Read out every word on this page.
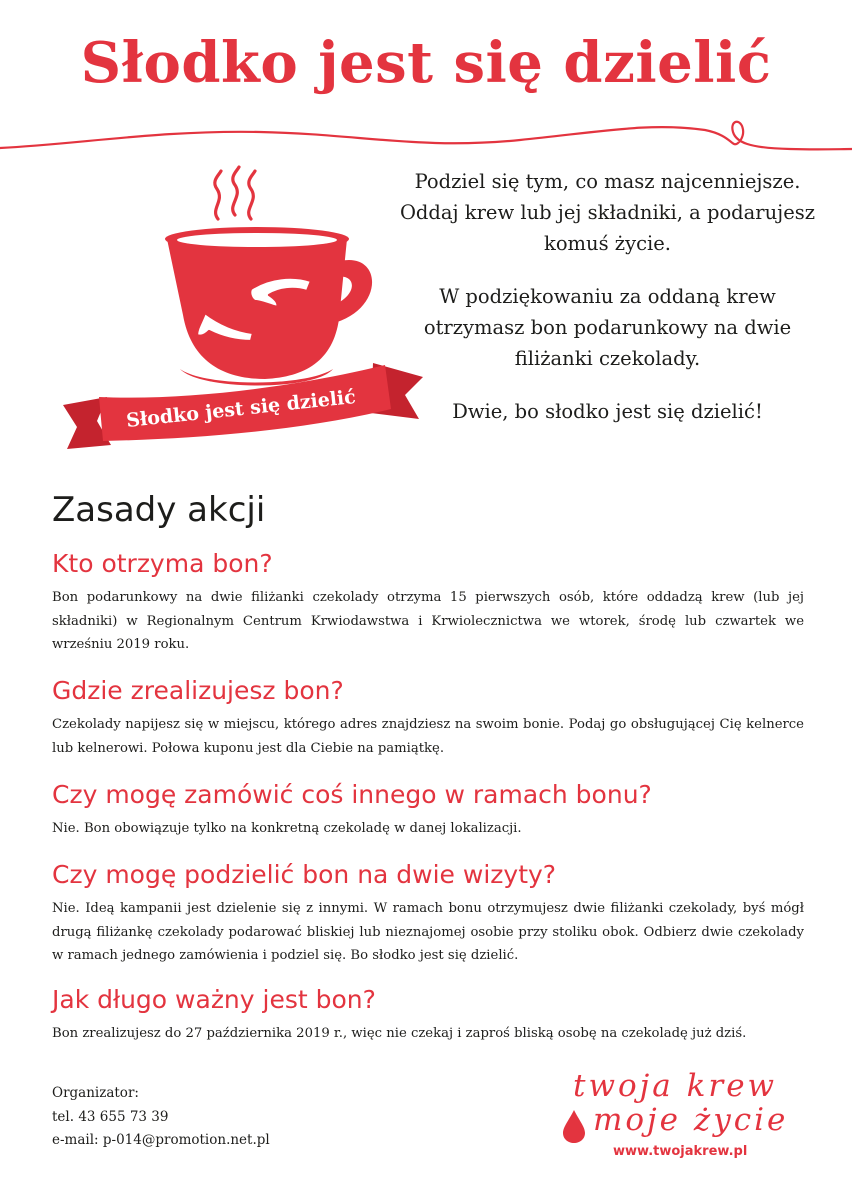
Słodko jest się dzielić
Słodko jest się dzielić

Podziel się tym, co masz najcenniejsze. Oddaj krew lub jej składniki, a podarujesz komuś życie.

W podziękowaniu za oddaną krew otrzymasz bon podarunkowy na dwie filiżanki czekolady.

Dwie, bo słodko jest się dzielić!

Zasady akcji
Kto otrzyma bon?

Bon podarunkowy na dwie filiżanki czekolady otrzyma 15 pierwszych osób, które oddadzą krew (lub jej składniki) w Regionalnym Centrum Krwiodawstwa i Krwiolecznictwa we wtorek, środę lub czwartek we wrześniu 2019 roku.

Gdzie zrealizujesz bon?

Czekolady napijesz się w miejscu, którego adres znajdziesz na swoim bonie. Podaj go obsługującej Cię kelnerce lub kelnerowi. Połowa kuponu jest dla Ciebie na pamiątkę.

Czy mogę zamówić coś innego w ramach bonu?

Nie. Bon obowiązuje tylko na konkretną czekoladę w danej lokalizacji.

Czy mogę podzielić bon na dwie wizyty?

Nie. Ideą kampanii jest dzielenie się z innymi. W ramach bonu otrzymujesz dwie filiżanki czekolady, byś mógł drugą filiżankę czekolady podarować bliskiej lub nieznajomej osobie przy stoliku obok. Odbierz dwie czekolady w ramach jednego zamówienia i podziel się. Bo słodko jest się dzielić.

Jak długo ważny jest bon?

Bon zrealizujesz do 27 października 2019 r., więc nie czekaj i zaproś bliską osobę na czekoladę już dziś.

Organizator:
tel. 43 655 73 39
e-mail: p-014@promotion.net.pl
twoja krew
moje życie
www.twojakrew.pl
